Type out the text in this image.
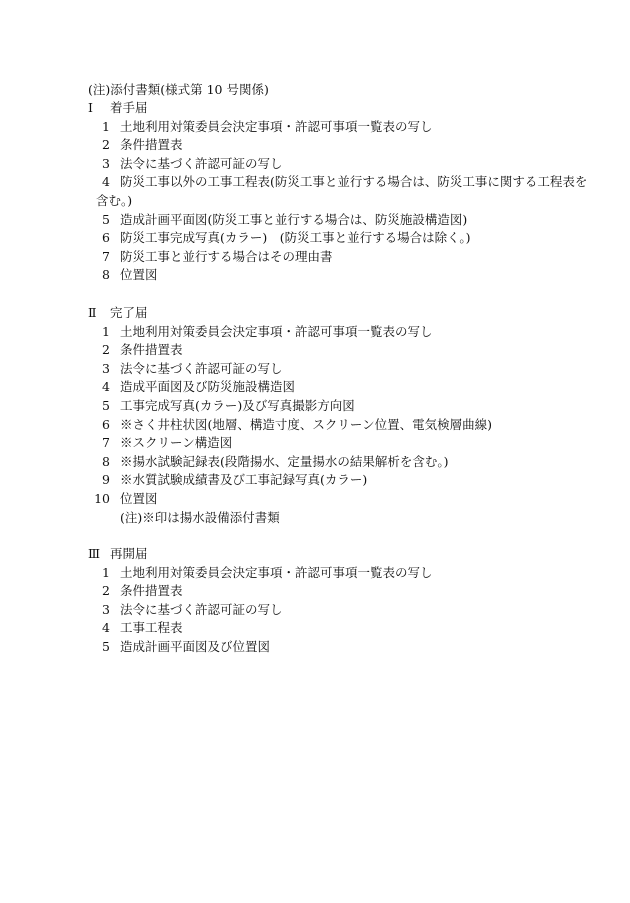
(注)添付書類(様式第 10 号関係)
Ⅰ 着手届
1 土地利用対策委員会決定事項・許認可事項一覧表の写し
2 条件措置表
3 法令に基づく許認可証の写し
4 防災工事以外の工事工程表(防災工事と並行する場合は、防災工事に関する工程表を
含む。)
5 造成計画平面図(防災工事と並行する場合は、防災施設構造図)
6 防災工事完成写真(カラー)　(防災工事と並行する場合は除く。)
7 防災工事と並行する場合はその理由書
8 位置図
Ⅱ 完了届
1 土地利用対策委員会決定事項・許認可事項一覧表の写し
2 条件措置表
3 法令に基づく許認可証の写し
4 造成平面図及び防災施設構造図
5 工事完成写真(カラー)及び写真撮影方向図
6 ※さく井柱状図(地層、構造寸度、スクリーン位置、電気検層曲線)
7 ※スクリーン構造図
8 ※揚水試験記録表(段階揚水、定量揚水の結果解析を含む。)
9 ※水質試験成績書及び工事記録写真(カラー)
10 位置図
(注)※印は揚水設備添付書類
Ⅲ 再開届
1 土地利用対策委員会決定事項・許認可事項一覧表の写し
2 条件措置表
3 法令に基づく許認可証の写し
4 工事工程表
5 造成計画平面図及び位置図
